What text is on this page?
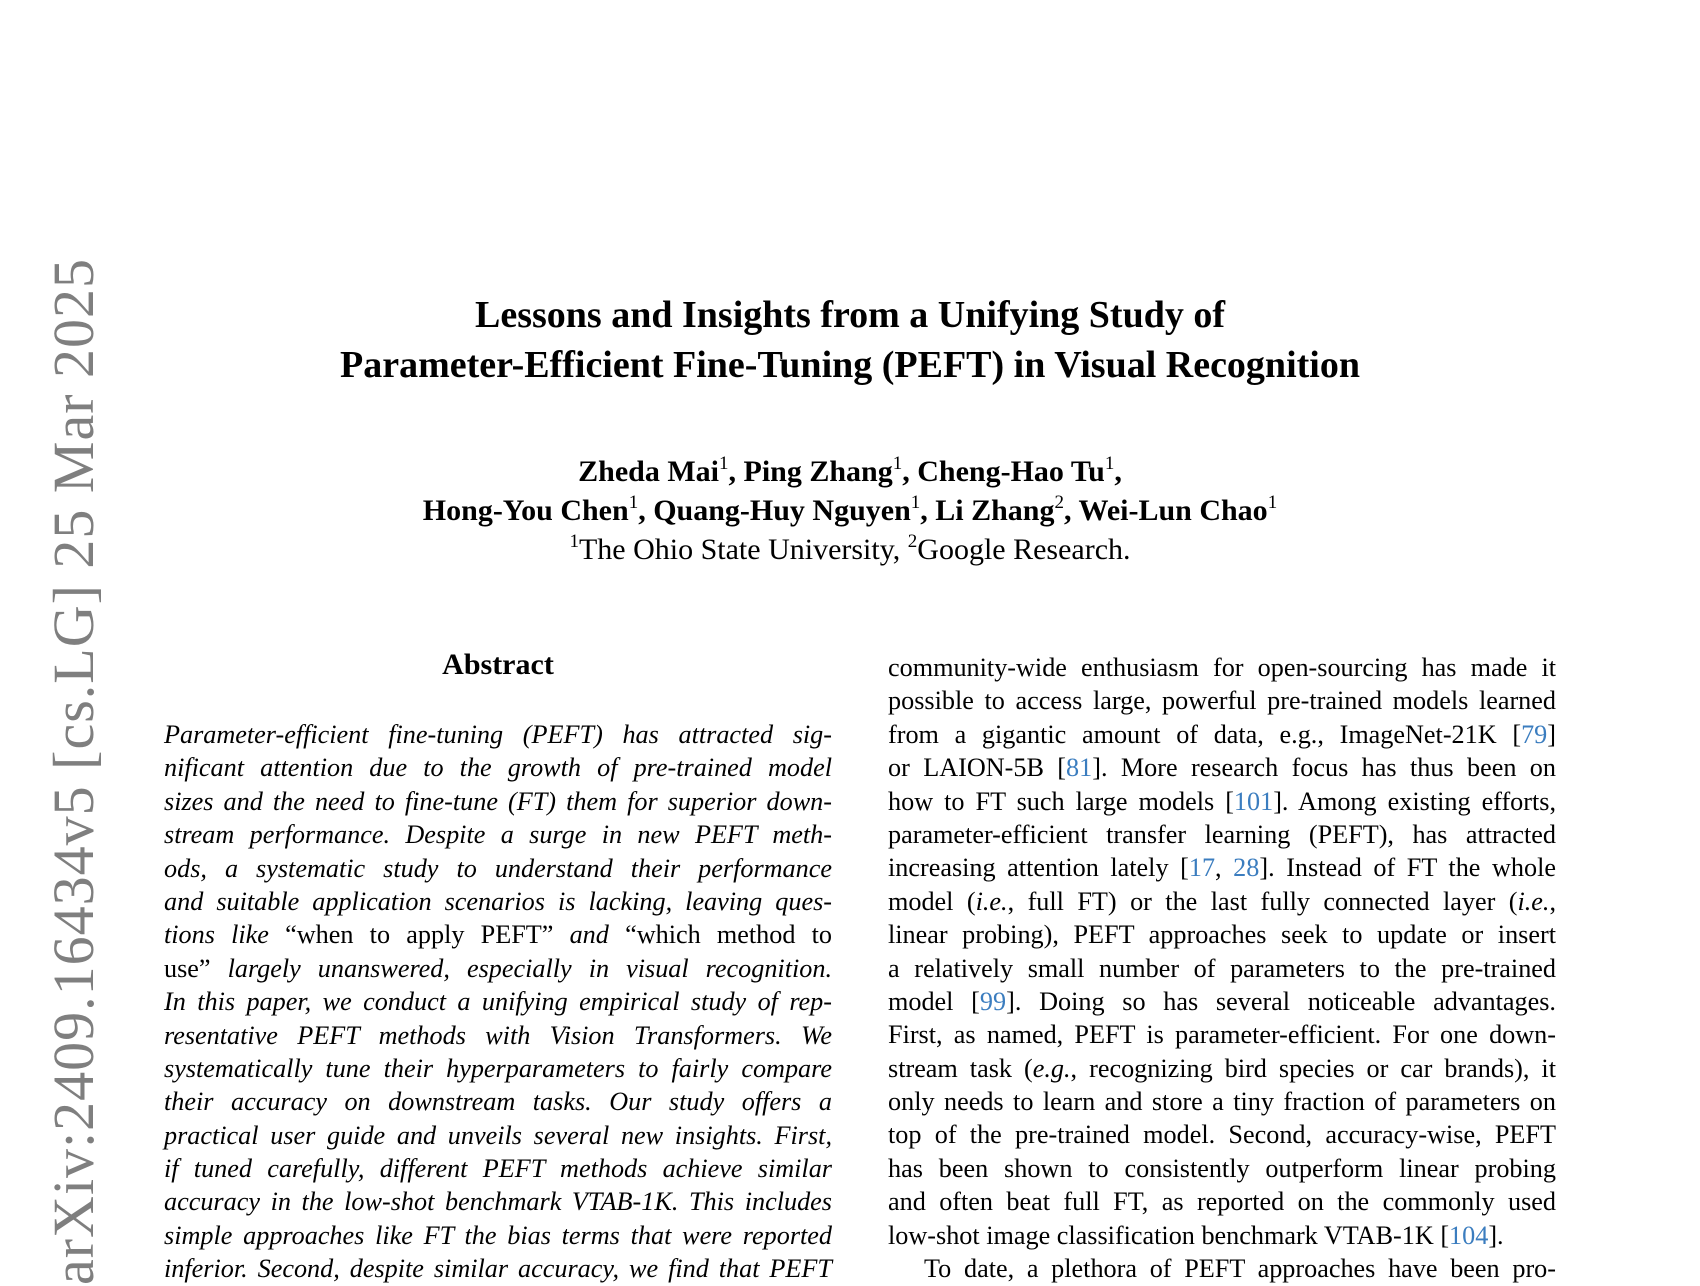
arXiv:2409.16434v5 [cs.LG] 25 Mar 2025	Lessons and Insights from a Unifying Study of
Parameter-Efficient Fine-Tuning (PEFT) in Visual Recognition
Zheda Mai$^1$, Ping Zhang$^1$, Cheng-Hao Tu$^1$,
Hong-You Chen$^1$, Quang-Huy Nguyen$^1$, Li Zhang$^2$, Wei-Lun Chao$^1$
$^1$The Ohio State University, $^2$Google Research.
Abstract
Parameter-efficient fine-tuning (PEFT) has attracted sig-
nificant attention due to the growth of pre-trained model
sizes and the need to fine-tune (FT) them for superior down-
stream performance. Despite a surge in new PEFT meth-
ods, a systematic study to understand their performance
and suitable application scenarios is lacking, leaving ques-
tions like “when to apply PEFT” and “which method to
use” largely unanswered, especially in visual recognition.
In this paper, we conduct a unifying empirical study of rep-
resentative PEFT methods with Vision Transformers. We
systematically tune their hyperparameters to fairly compare
their accuracy on downstream tasks. Our study offers a
practical user guide and unveils several new insights. First,
if tuned carefully, different PEFT methods achieve similar
accuracy in the low-shot benchmark VTAB-1K. This includes
simple approaches like FT the bias terms that were reported
inferior. Second, despite similar accuracy, we find that PEFT
community-wide enthusiasm for open-sourcing has made it
possible to access large, powerful pre-trained models learned
from a gigantic amount of data, e.g., ImageNet-21K [79]
or LAION-5B [81]. More research focus has thus been on
how to FT such large models [101]. Among existing efforts,
parameter-efficient transfer learning (PEFT), has attracted
increasing attention lately [17, 28]. Instead of FT the whole
model (i.e., full FT) or the last fully connected layer (i.e.,
linear probing), PEFT approaches seek to update or insert
a relatively small number of parameters to the pre-trained
model [99]. Doing so has several noticeable advantages.
First, as named, PEFT is parameter-efficient. For one down-
stream task (e.g., recognizing bird species or car brands), it
only needs to learn and store a tiny fraction of parameters on
top of the pre-trained model. Second, accuracy-wise, PEFT
has been shown to consistently outperform linear probing
and often beat full FT, as reported on the commonly used
low-shot image classification benchmark VTAB-1K [104].
To date, a plethora of PEFT approaches have been pro-
